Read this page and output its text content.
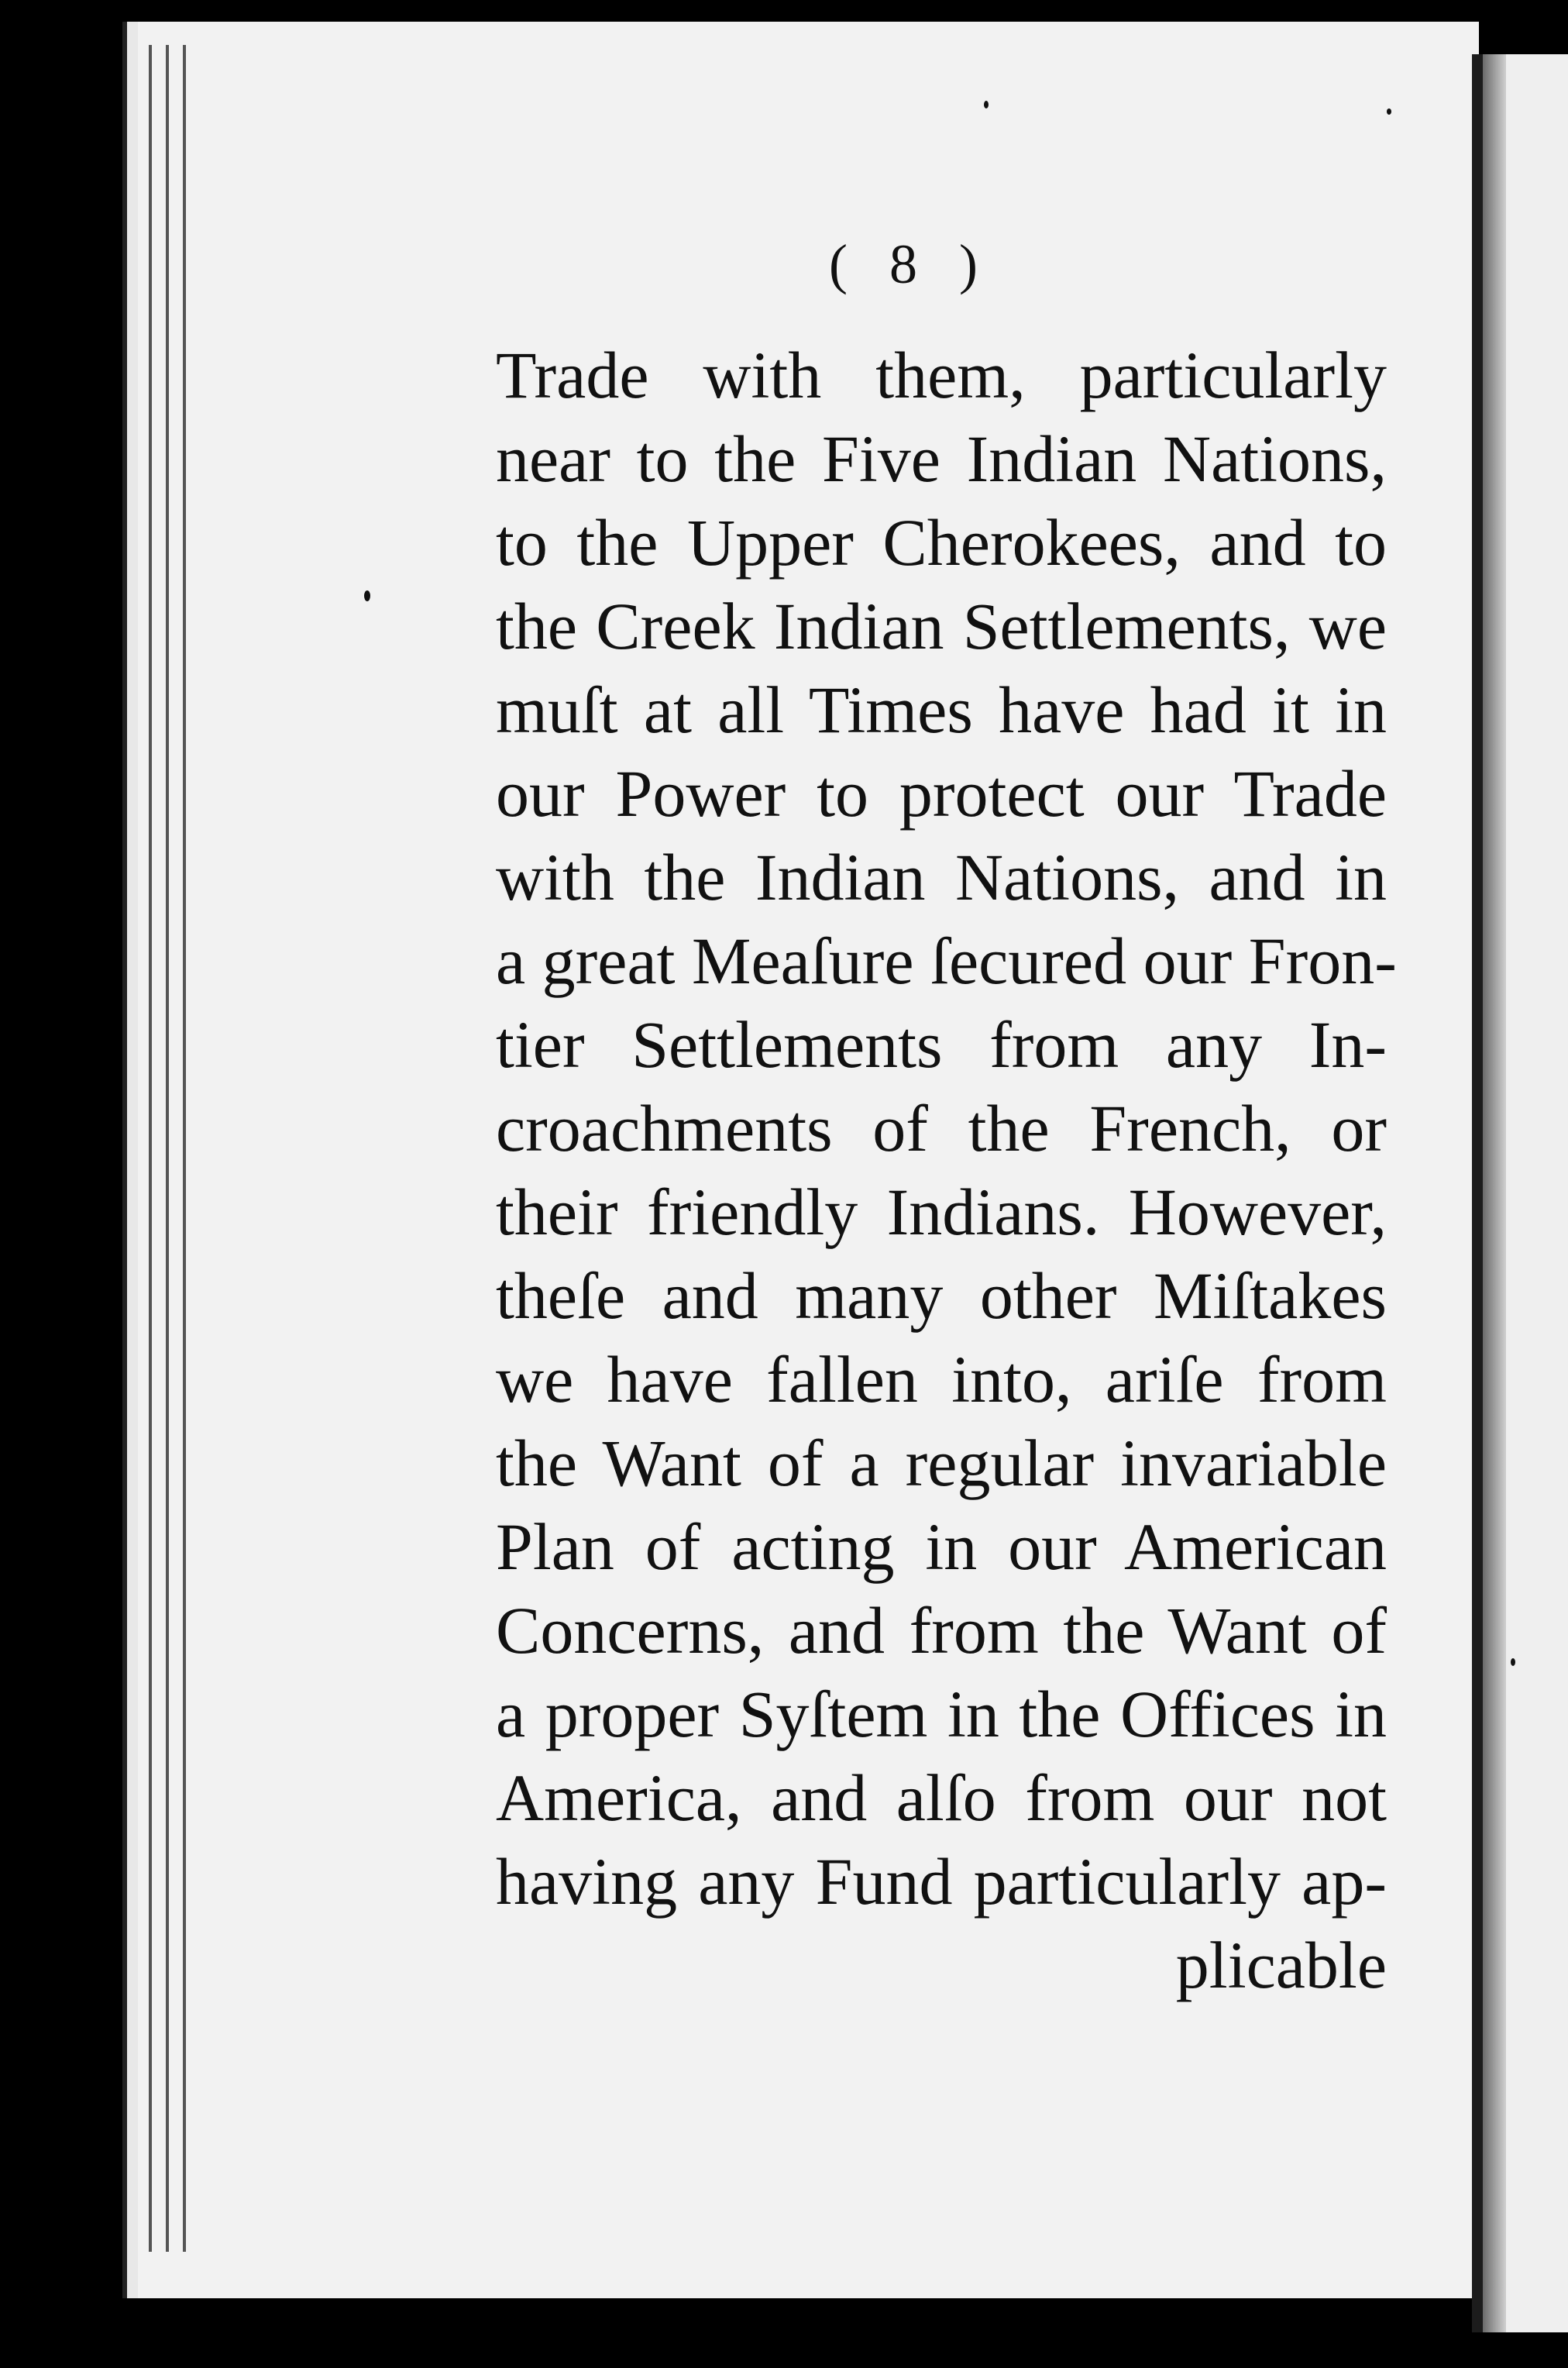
( 8 )
Trade with them, particularly
near to the Five Indian Nations,
to the Upper Cherokees, and to
the Creek Indian Settlements, we
muſt at all Times have had it in
our Power to protect our Trade
with the Indian Nations, and in
a great Meaſure ſecured our Fron-
tier Settlements from any In-
croachments of the French, or
their friendly Indians. However,
theſe and many other Miſtakes
we have fallen into, ariſe from
the Want of a regular invariable
Plan of acting in our American
Concerns, and from the Want of
a proper Syſtem in the Offices in
America, and alſo from our not
having any Fund particularly ap-
plicable
